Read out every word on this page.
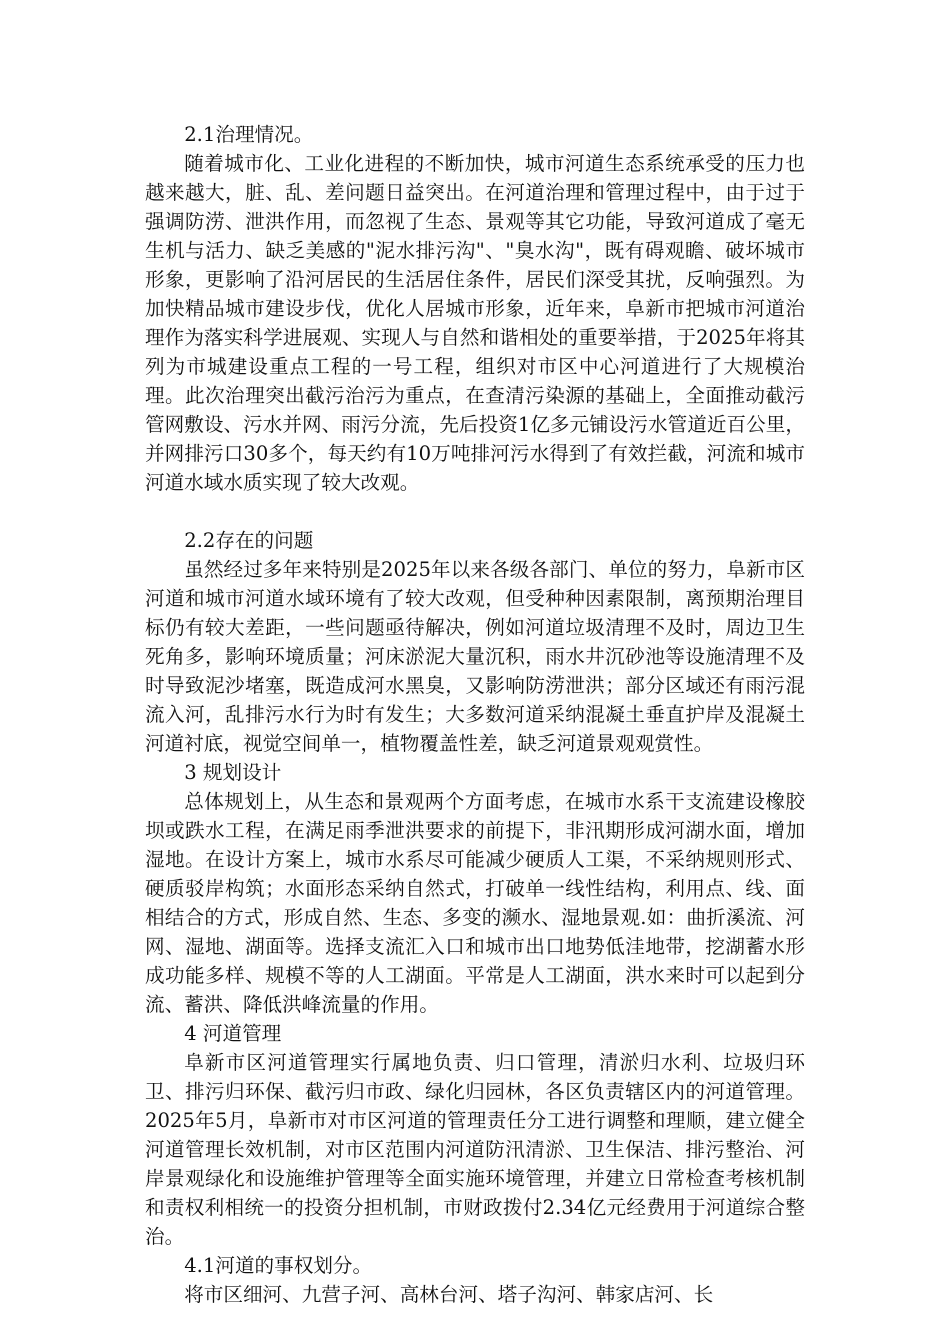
2.1治理情况。

随着城市化、工业化进程的不断加快，城市河道生态系统承受的压力也越来越大，脏、乱、差问题日益突出。在河道治理和管理过程中，由于过于强调防涝、泄洪作用，而忽视了生态、景观等其它功能，导致河道成了毫无生机与活力、缺乏美感的"泥水排污沟"、"臭水沟"，既有碍观瞻、破坏城市形象，更影响了沿河居民的生活居住条件，居民们深受其扰，反响强烈。为加快精品城市建设步伐，优化人居城市形象，近年来，阜新市把城市河道治理作为落实科学进展观、实现人与自然和谐相处的重要举措，于2025年将其列为市城建设重点工程的一号工程，组织对市区中心河道进行了大规模治理。此次治理突出截污治污为重点，在查清污染源的基础上，全面推动截污管网敷设、污水并网、雨污分流，先后投资1亿多元铺设污水管道近百公里，并网排污口30多个，每天约有10万吨排河污水得到了有效拦截，河流和城市河道水域水质实现了较大改观。

2.2存在的问题

虽然经过多年来特别是2025年以来各级各部门、单位的努力，阜新市区河道和城市河道水域环境有了较大改观，但受种种因素限制，离预期治理目标仍有较大差距，一些问题亟待解决，例如河道垃圾清理不及时，周边卫生死角多，影响环境质量；河床淤泥大量沉积，雨水井沉砂池等设施清理不及时导致泥沙堵塞，既造成河水黑臭，又影响防涝泄洪；部分区域还有雨污混流入河，乱排污水行为时有发生；大多数河道采纳混凝土垂直护岸及混凝土河道衬底，视觉空间单一，植物覆盖性差，缺乏河道景观观赏性。

3 规划设计

总体规划上，从生态和景观两个方面考虑，在城市水系干支流建设橡胶坝或跌水工程，在满足雨季泄洪要求的前提下，非汛期形成河湖水面，增加湿地。在设计方案上，城市水系尽可能减少硬质人工渠，不采纳规则形式、硬质驳岸构筑；水面形态采纳自然式，打破单一线性结构，利用点、线、面相结合的方式，形成自然、生态、多变的濒水、湿地景观.如：曲折溪流、河网、湿地、湖面等。选择支流汇入口和城市出口地势低洼地带，挖湖蓄水形成功能多样、规模不等的人工湖面。平常是人工湖面，洪水来时可以起到分流、蓄洪、降低洪峰流量的作用。

4 河道管理

阜新市区河道管理实行属地负责、归口管理，清淤归水利、垃圾归环卫、排污归环保、截污归市政、绿化归园林，各区负责辖区内的河道管理。2025年5月，阜新市对市区河道的管理责任分工进行调整和理顺，建立健全河道管理长效机制，对市区范围内河道防汛清淤、卫生保洁、排污整治、河岸景观绿化和设施维护管理等全面实施环境管理，并建立日常检查考核机制和责权利相统一的投资分担机制，市财政拨付2.34亿元经费用于河道综合整治。

4.1河道的事权划分。

将市区细河、九营子河、高林台河、塔子沟河、韩家店河、长
